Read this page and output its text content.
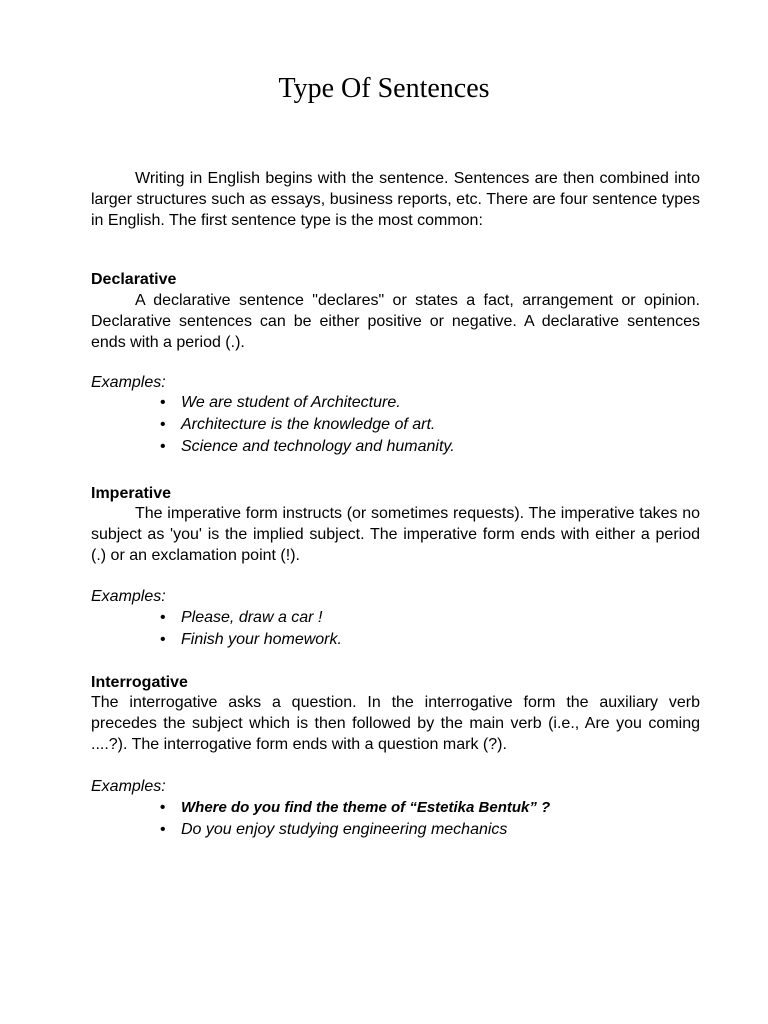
Type Of Sentences

Writing in English begins with the sentence. Sentences are then combined into larger structures such as essays, business reports, etc. There are four sentence types in English. The first sentence type is the most common:

Declarative

A declarative sentence "declares" or states a fact, arrangement or opinion. Declarative sentences can be either positive or negative. A declarative sentences ends with a period (.).

Examples:
• We are student of Architecture.
• Architecture is the knowledge of art.
• Science and technology and humanity.
Imperative

The imperative form instructs (or sometimes requests). The imperative takes no subject as 'you' is the implied subject. The imperative form ends with either a period (.) or an exclamation point (!).

Examples:
• Please, draw a car !
• Finish your homework.
Interrogative

The interrogative asks a question. In the interrogative form the auxiliary verb precedes the subject which is then followed by the main verb (i.e., Are you coming ....?). The interrogative form ends with a question mark (?).

Examples:
• Where do you find the theme of “Estetika Bentuk” ?
• Do you enjoy studying engineering mechanics
